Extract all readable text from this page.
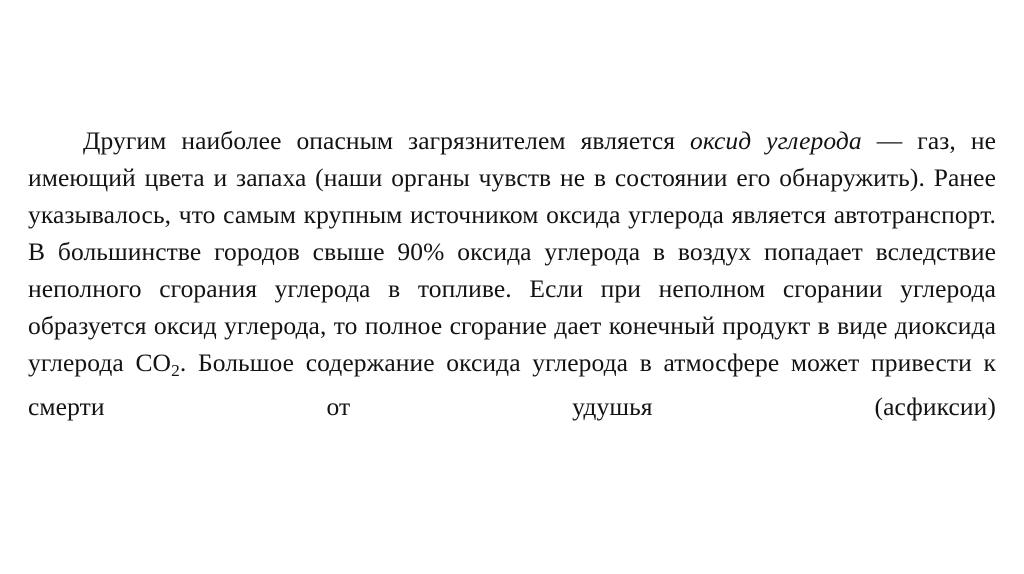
Другим наиболее опасным загрязнителем является оксид углерода — газ, не имеющий цвета и запаха (наши органы чувств не в состоянии его обнаружить). Ранее указывалось, что самым крупным источником оксида углерода является автотранспорт. В большинстве городов свыше 90% оксида углерода в воздух попадает вследствие неполного сгорания углерода в топливе. Если при неполном сгорании углерода образуется оксид углерода, то полное сгорание дает конечный продукт в виде диоксида углерода $CO_2$. Большое содержание оксида углерода в атмосфере может привести к смерти от удушья (асфиксии)
